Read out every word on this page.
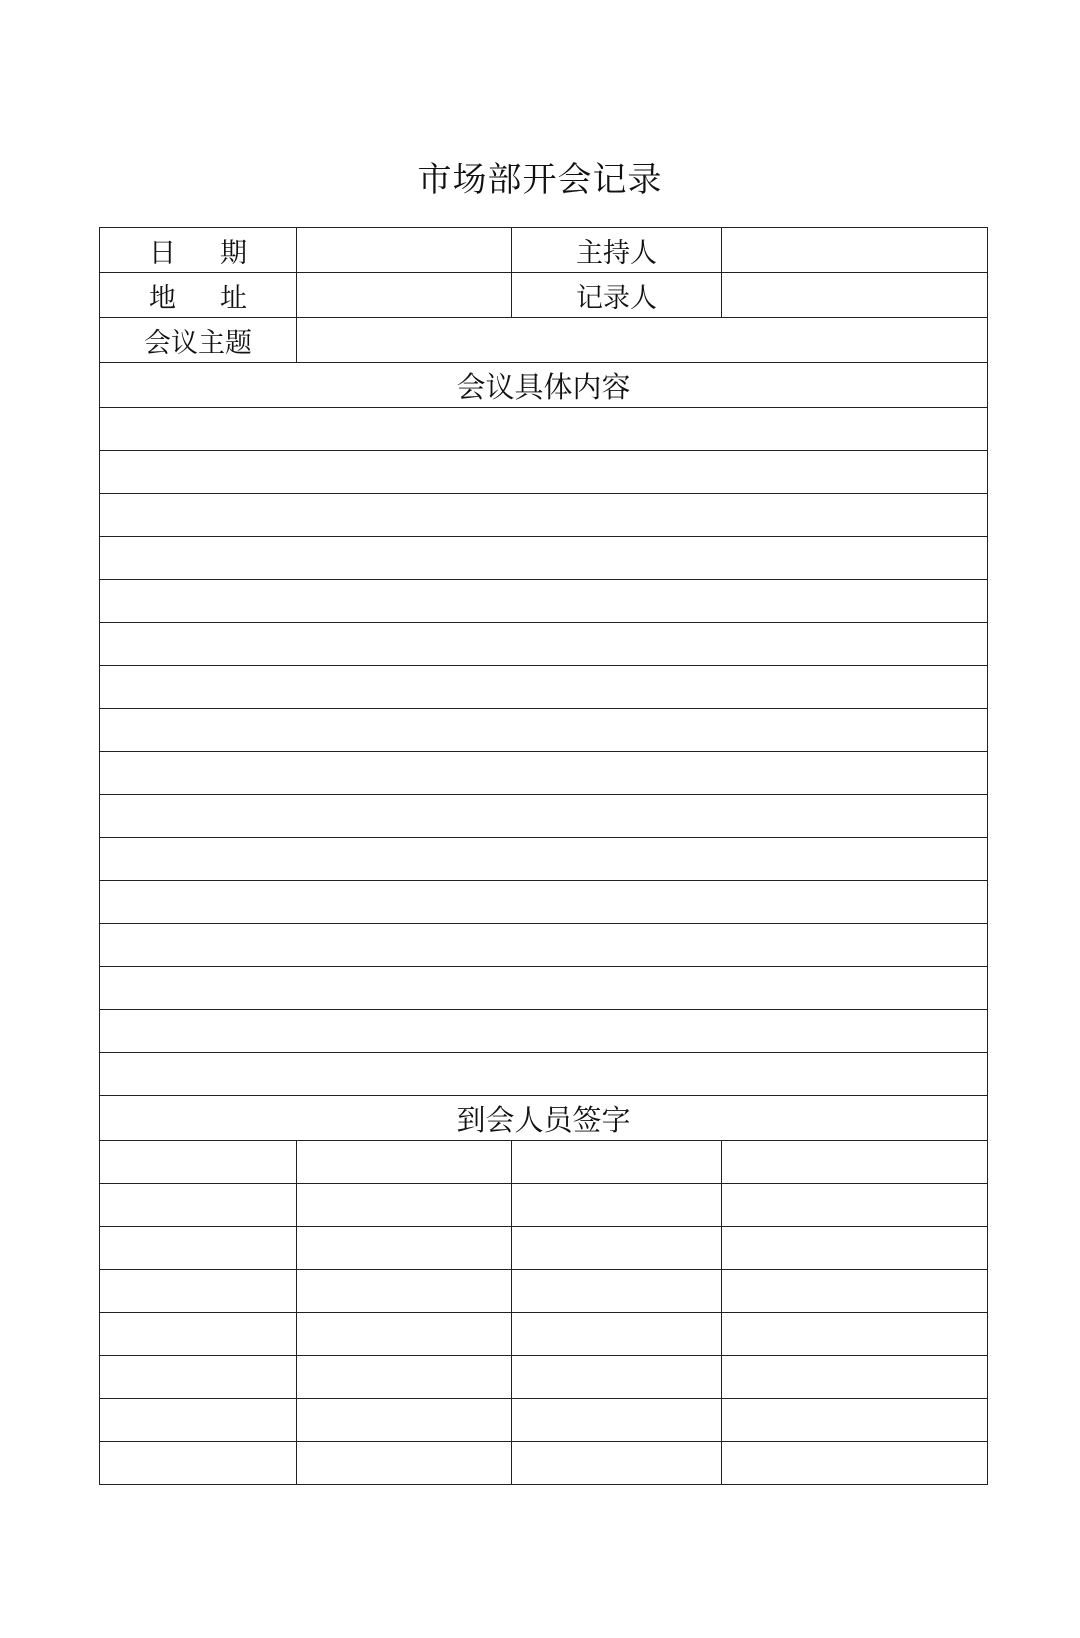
市场部开会记录
日 期		主持人	
地 址		记录人	
会议主题			
会议具体内容			

到会人员签字			
